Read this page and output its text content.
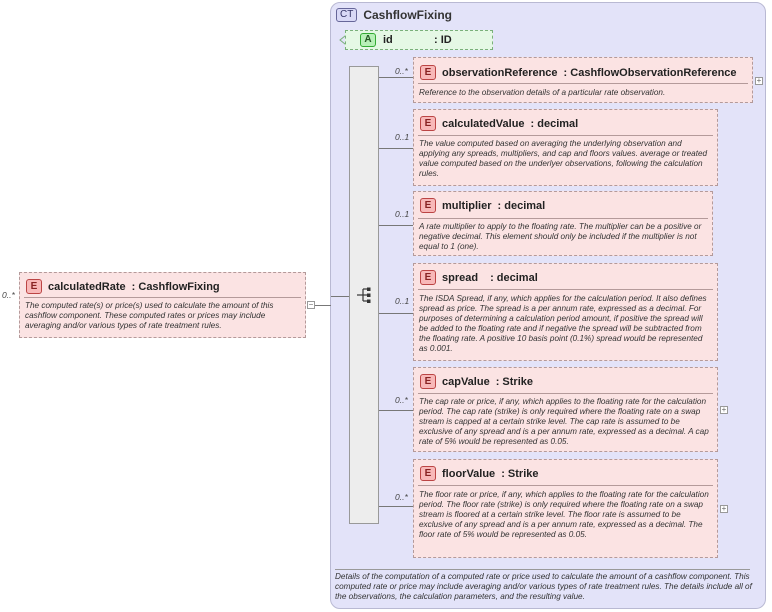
CT CashflowFixing
A	id	: ID
0..*
E calculatedRate : CashflowFixing
The computed rate(s) or price(s) used to calculate the amount of this cashflow component. These computed rates or prices may include averaging and/or various types of rate treatment rules.
−
0..*	E observationReference : CashflowObservationReference
Reference to the observation details of a particular rate observation.
+
0..1
E calculatedValue : decimal
The value computed based on averaging the underlying observation and applying any spreads, multipliers, and cap and floors values. average or treated value computed based on the underlyer observations, following the calculation rules.
0..1
E multiplier : decimal
A rate multiplier to apply to the floating rate. The multiplier can be a positive or negative decimal. This element should only be included if the multiplier is not equal to 1 (one).
0..1
E spread : decimal
The ISDA Spread, if any, which applies for the calculation period. It also defines spread as price. The spread is a per annum rate, expressed as a decimal. For purposes of determining a calculation period amount, if positive the spread will be added to the floating rate and if negative the spread will be subtracted from the floating rate. A positive 10 basis point (0.1%) spread would be represented as 0.001.
0..*
E capValue : Strike
The cap rate or price, if any, which applies to the floating rate for the calculation period. The cap rate (strike) is only required where the floating rate on a swap stream is capped at a certain strike level. The cap rate is assumed to be exclusive of any spread and is a per annum rate, expressed as a decimal. A cap rate of 5% would be represented as 0.05.
+
0..*
E floorValue : Strike
The floor rate or price, if any, which applies to the floating rate for the calculation period. The floor rate (strike) is only required where the floating rate on a swap stream is floored at a certain strike level. The floor rate is assumed to be exclusive of any spread and is a per annum rate, expressed as a decimal. The floor rate of 5% would be represented as 0.05.
+
Details of the computation of a computed rate or price used to calculate the amount of a cashflow component. This computed rate or price may include averaging and/or various types of rate treatment rules. The details include all of the observations, the calculation parameters, and the resulting value.
